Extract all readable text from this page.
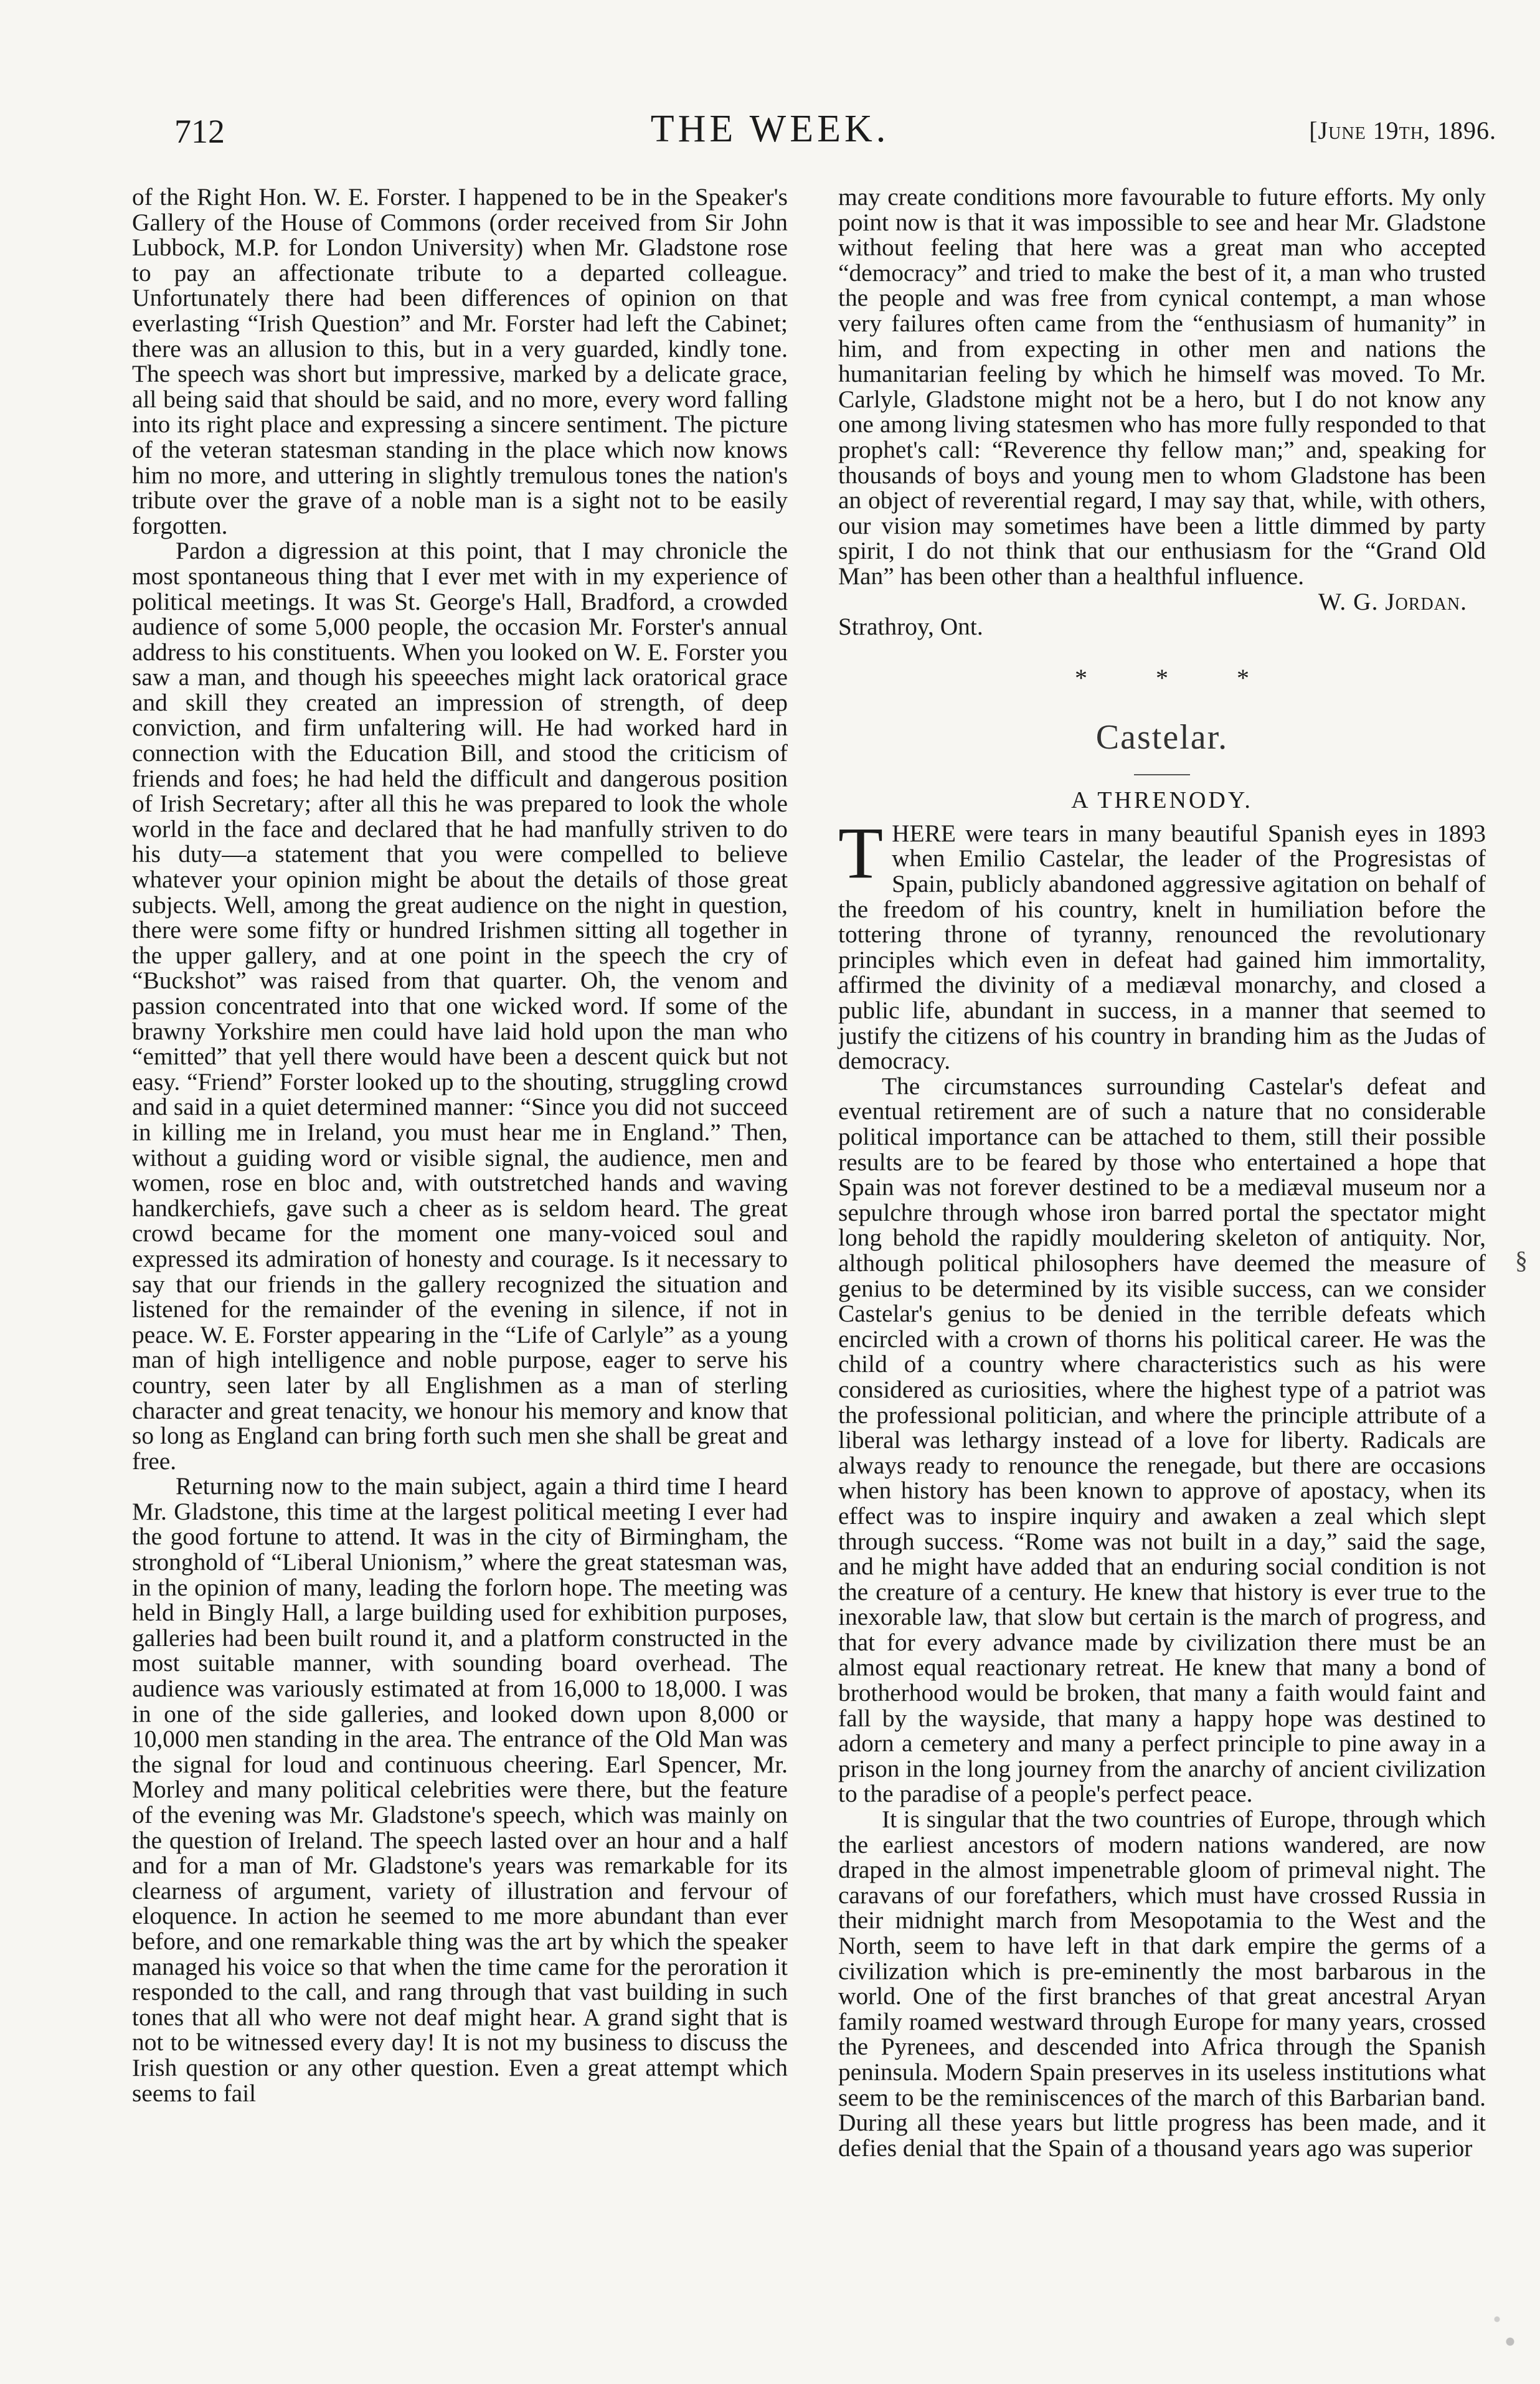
712	THE WEEK.	[June 19th, 1896.

of the Right Hon. W. E. Forster. I happened to be in the Speaker's Gallery of the House of Commons (order received from Sir John Lubbock, M.P. for London University) when Mr. Gladstone rose to pay an affectionate tribute to a departed colleague. Unfortunately there had been differences of opinion on that everlasting “Irish Question” and Mr. Forster had left the Cabinet; there was an allusion to this, but in a very guarded, kindly tone. The speech was short but impressive, marked by a delicate grace, all being said that should be said, and no more, every word falling into its right place and expressing a sincere sentiment. The picture of the veteran statesman standing in the place which now knows him no more, and uttering in slightly tremulous tones the nation's tribute over the grave of a noble man is a sight not to be easily forgotten.

Pardon a digression at this point, that I may chronicle the most spontaneous thing that I ever met with in my experience of political meetings. It was St. George's Hall, Bradford, a crowded audience of some 5,000 people, the occasion Mr. Forster's annual address to his constituents. When you looked on W. E. Forster you saw a man, and though his speeeches might lack oratorical grace and skill they created an impression of strength, of deep conviction, and firm unfaltering will. He had worked hard in connection with the Education Bill, and stood the criticism of friends and foes; he had held the difficult and dangerous position of Irish Secretary; after all this he was prepared to look the whole world in the face and declared that he had manfully striven to do his duty—a statement that you were compelled to believe whatever your opinion might be about the details of those great subjects. Well, among the great audience on the night in question, there were some fifty or hundred Irishmen sitting all together in the upper gallery, and at one point in the speech the cry of “Buckshot” was raised from that quarter. Oh, the venom and passion concentrated into that one wicked word. If some of the brawny Yorkshire men could have laid hold upon the man who “emitted” that yell there would have been a descent quick but not easy. “Friend” Forster looked up to the shouting, struggling crowd and said in a quiet determined manner: “Since you did not succeed in killing me in Ireland, you must hear me in England.” Then, without a guiding word or visible signal, the audience, men and women, rose en bloc and, with outstretched hands and waving handkerchiefs, gave such a cheer as is seldom heard. The great crowd became for the moment one many-voiced soul and expressed its admiration of honesty and courage. Is it necessary to say that our friends in the gallery recognized the situation and listened for the remainder of the evening in silence, if not in peace. W. E. Forster appearing in the “Life of Carlyle” as a young man of high intelligence and noble purpose, eager to serve his country, seen later by all Englishmen as a man of sterling character and great tenacity, we honour his memory and know that so long as England can bring forth such men she shall be great and free.

Returning now to the main subject, again a third time I heard Mr. Gladstone, this time at the largest political meeting I ever had the good fortune to attend. It was in the city of Birmingham, the stronghold of “Liberal Unionism,” where the great statesman was, in the opinion of many, leading the forlorn hope. The meeting was held in Bingly Hall, a large building used for exhibition purposes, galleries had been built round it, and a platform constructed in the most suitable manner, with sounding board overhead. The audience was variously estimated at from 16,000 to 18,000. I was in one of the side galleries, and looked down upon 8,000 or 10,000 men standing in the area. The entrance of the Old Man was the signal for loud and continuous cheering. Earl Spencer, Mr. Morley and many political celebrities were there, but the feature of the evening was Mr. Gladstone's speech, which was mainly on the question of Ireland. The speech lasted over an hour and a half and for a man of Mr. Gladstone's years was remarkable for its clearness of argument, variety of illustration and fervour of eloquence. In action he seemed to me more abundant than ever before, and one remarkable thing was the art by which the speaker managed his voice so that when the time came for the peroration it responded to the call, and rang through that vast building in such tones that all who were not deaf might hear. A grand sight that is not to be witnessed every day! It is not my business to discuss the Irish question or any other question. Even a great attempt which seems to fail

may create conditions more favourable to future efforts. My only point now is that it was impossible to see and hear Mr. Gladstone without feeling that here was a great man who accepted “democracy” and tried to make the best of it, a man who trusted the people and was free from cynical contempt, a man whose very failures often came from the “enthusiasm of humanity” in him, and from expecting in other men and nations the humanitarian feeling by which he himself was moved. To Mr. Carlyle, Gladstone might not be a hero, but I do not know any one among living statesmen who has more fully responded to that prophet's call: “Reverence thy fellow man;” and, speaking for thousands of boys and young men to whom Gladstone has been an object of reverential regard, I may say that, while, with others, our vision may sometimes have been a little dimmed by party spirit, I do not think that our enthusiasm for the “Grand Old Man” has been other than a healthful influence.

W. G. Jordan.

Strathroy, Ont.

* * *
Castelar.
A THRENODY.

THERE were tears in many beautiful Spanish eyes in 1893 when Emilio Castelar, the leader of the Progresistas of Spain, publicly abandoned aggressive agitation on behalf of the freedom of his country, knelt in humiliation before the tottering throne of tyranny, renounced the revolutionary principles which even in defeat had gained him immortality, affirmed the divinity of a mediæval monarchy, and closed a public life, abundant in success, in a manner that seemed to justify the citizens of his country in branding him as the Judas of democracy.

The circumstances surrounding Castelar's defeat and eventual retirement are of such a nature that no considerable political importance can be attached to them, still their possible results are to be feared by those who entertained a hope that Spain was not forever destined to be a mediæval museum nor a sepulchre through whose iron barred portal the spectator might long behold the rapidly mouldering skeleton of antiquity. Nor, although political philosophers have deemed the measure of genius to be determined by its visible success, can we consider Castelar's genius to be denied in the terrible defeats which encircled with a crown of thorns his political career. He was the child of a country where characteristics such as his were considered as curiosities, where the highest type of a patriot was the professional politician, and where the principle attribute of a liberal was lethargy instead of a love for liberty. Radicals are always ready to renounce the renegade, but there are occasions when history has been known to approve of apostacy, when its effect was to inspire inquiry and awaken a zeal which slept through success. “Rome was not built in a day,” said the sage, and he might have added that an enduring social condition is not the creature of a century. He knew that history is ever true to the inexorable law, that slow but certain is the march of progress, and that for every advance made by civilization there must be an almost equal reactionary retreat. He knew that many a bond of brotherhood would be broken, that many a faith would faint and fall by the wayside, that many a happy hope was destined to adorn a cemetery and many a perfect principle to pine away in a prison in the long journey from the anarchy of ancient civilization to the paradise of a people's perfect peace.

It is singular that the two countries of Europe, through which the earliest ancestors of modern nations wandered, are now draped in the almost impenetrable gloom of primeval night. The caravans of our forefathers, which must have crossed Russia in their midnight march from Mesopotamia to the West and the North, seem to have left in that dark empire the germs of a civilization which is pre-eminently the most barbarous in the world. One of the first branches of that great ancestral Aryan family roamed westward through Europe for many years, crossed the Pyrenees, and descended into Africa through the Spanish peninsula. Modern Spain preserves in its useless institutions what seem to be the reminiscences of the march of this Barbarian band. During all these years but little progress has been made, and it defies denial that the Spain of a thousand years ago was superior

§
